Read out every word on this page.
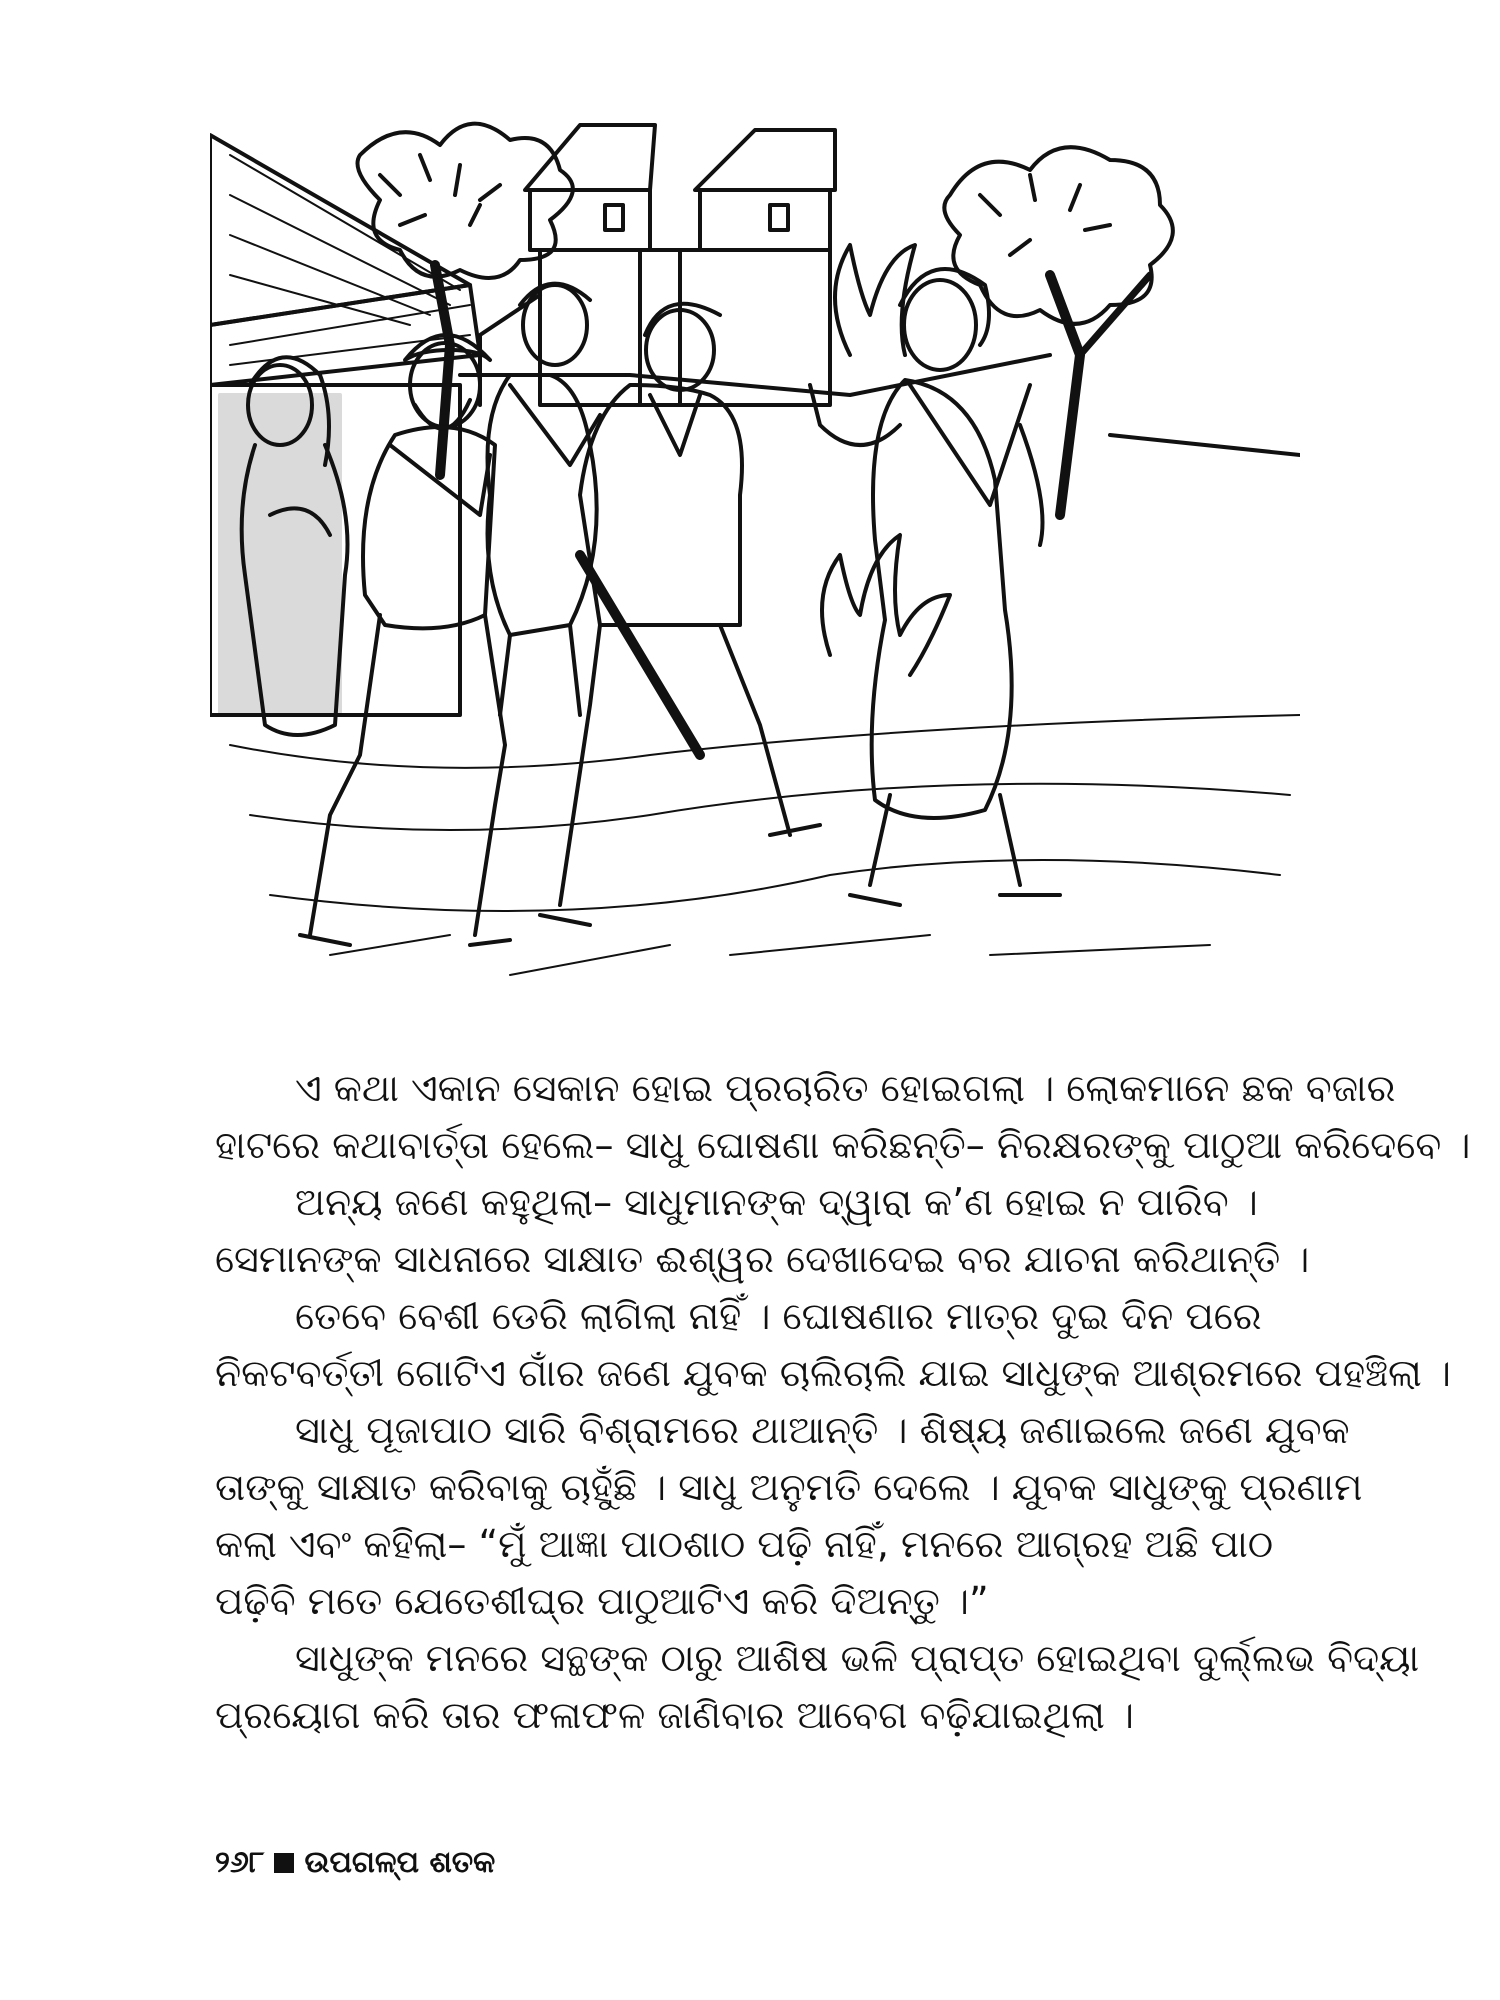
ଏ କଥା ଏକାନ ସେକାନ ହୋଇ ପ୍ରଚାରିତ ହୋଇଗଲା । ଲୋକମାନେ ଛକ ବଜାର
ହାଟରେ କଥାବାର୍ତ୍ତା ହେଲେ– ସାଧୁ ଘୋଷଣା କରିଛନ୍ତି– ନିରକ୍ଷରଙ୍କୁ ପାଠୁଆ କରିଦେବେ ।

ଅନ୍ୟ ଜଣେ କହୁଥିଲା– ସାଧୁମାନଙ୍କ ଦ୍ୱାରା କ’ଣ ହୋଇ ନ ପାରିବ ।
ସେମାନଙ୍କ ସାଧନାରେ ସାକ୍ଷାତ ଈଶ୍ୱର ଦେଖାଦେଇ ବର ଯାଚନା କରିଥାନ୍ତି ।

ତେବେ ବେଶୀ ଡେରି ଲାଗିଲା ନାହିଁ । ଘୋଷଣାର ମାତ୍ର ଦୁଇ ଦିନ ପରେ
ନିକଟବର୍ତ୍ତୀ ଗୋଟିଏ ଗାଁର ଜଣେ ଯୁବକ ଚାଲିଚାଲି ଯାଇ ସାଧୁଙ୍କ ଆଶ୍ରମରେ ପହଞ୍ଚିଲା ।

ସାଧୁ ପୂଜାପାଠ ସାରି ବିଶ୍ରାମରେ ଥାଆନ୍ତି । ଶିଷ୍ୟ ଜଣାଇଲେ ଜଣେ ଯୁବକ
ତାଙ୍କୁ ସାକ୍ଷାତ କରିବାକୁ ଚାହୁଁଛି । ସାଧୁ ଅନୁମତି ଦେଲେ । ଯୁବକ ସାଧୁଙ୍କୁ ପ୍ରଣାମ
କଲା ଏବଂ କହିଲା– “ମୁଁ ଆଜ୍ଞା ପାଠଶାଠ ପଢ଼ି ନାହିଁ, ମନରେ ଆଗ୍ରହ ଅଛି ପାଠ
ପଢ଼ିବି ମତେ ଯେତେଶୀଘ୍ର ପାଠୁଆଟିଏ କରି ଦିଅନ୍ତୁ ।”

ସାଧୁଙ୍କ ମନରେ ସନ୍ଥଙ୍କ ଠାରୁ ଆଶିଷ ଭଳି ପ୍ରାପ୍ତ ହୋଇଥିବା ଦୁର୍ଲ୍ଲଭ ବିଦ୍ୟା
ପ୍ରୟୋଗ କରି ତାର ଫଳାଫଳ ଜାଣିବାର ଆବେଗ ବଢ଼ିଯାଇଥିଲା ।

୨୬୮ ଉପଗଳ୍ପ ଶତକ
